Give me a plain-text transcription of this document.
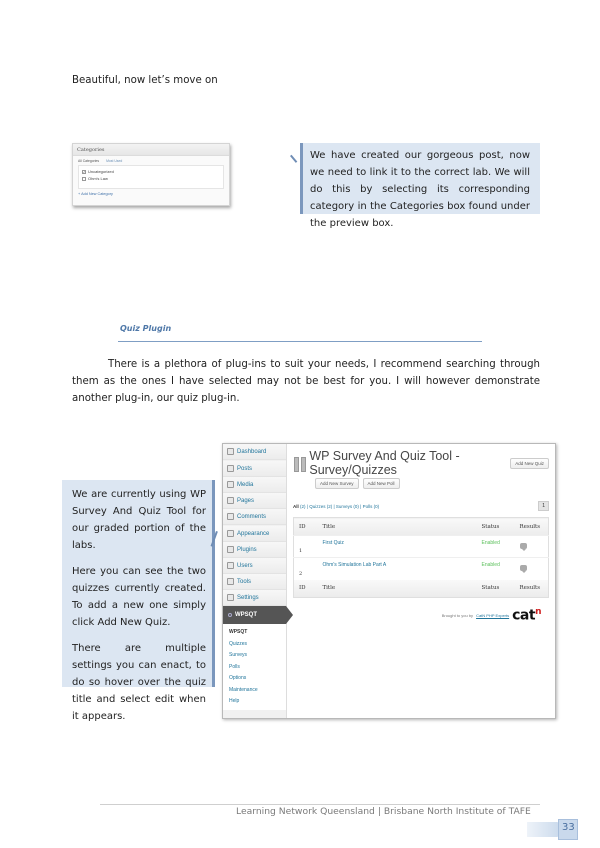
Beautiful, now let’s move on
Categories
All Categories Most Used
✓ Uncategorized
Ohm's Law
+ Add New Category

We have created our gorgeous post, now we need to link it to the correct lab. We will do this by selecting its corresponding category in the Categories box found under the preview box.

Quiz Plugin
There is a plethora of plug-ins to suit your needs, I recommend searching through them as the ones I have selected may not be best for you. I will however demonstrate another plug-in, our quiz plug-in.

We are currently using WP Survey And Quiz Tool for our graded portion of the labs.

Here you can see the two quizzes currently created. To add a new one simply click Add New Quiz.

There are multiple settings you can enact, to do so hover over the quiz title and select edit when it appears.

Dashboard
Posts
Media
Pages
Comments
Appearance
Plugins
Users
Tools
Settings
WPSQT
WPSQT
Quizzes
Surveys
Polls
Options
Maintenance
Help
WP Survey And Quiz Tool - Survey/Quizzes	Add New Quiz
Add New Survey	Add New Poll
All (2) | Quizzes (2) | Surveys (0) | Polls (0)	1
ID	Title	Status	Results
1	First Quiz	Enabled	
2	Ohm's Simulation Lab Part A	Enabled	
ID	Title	Status	Results
Brought to you by CatN PHP Experts cat$^n$
Learning Network Queensland | Brisbane North Institute of TAFE
33
